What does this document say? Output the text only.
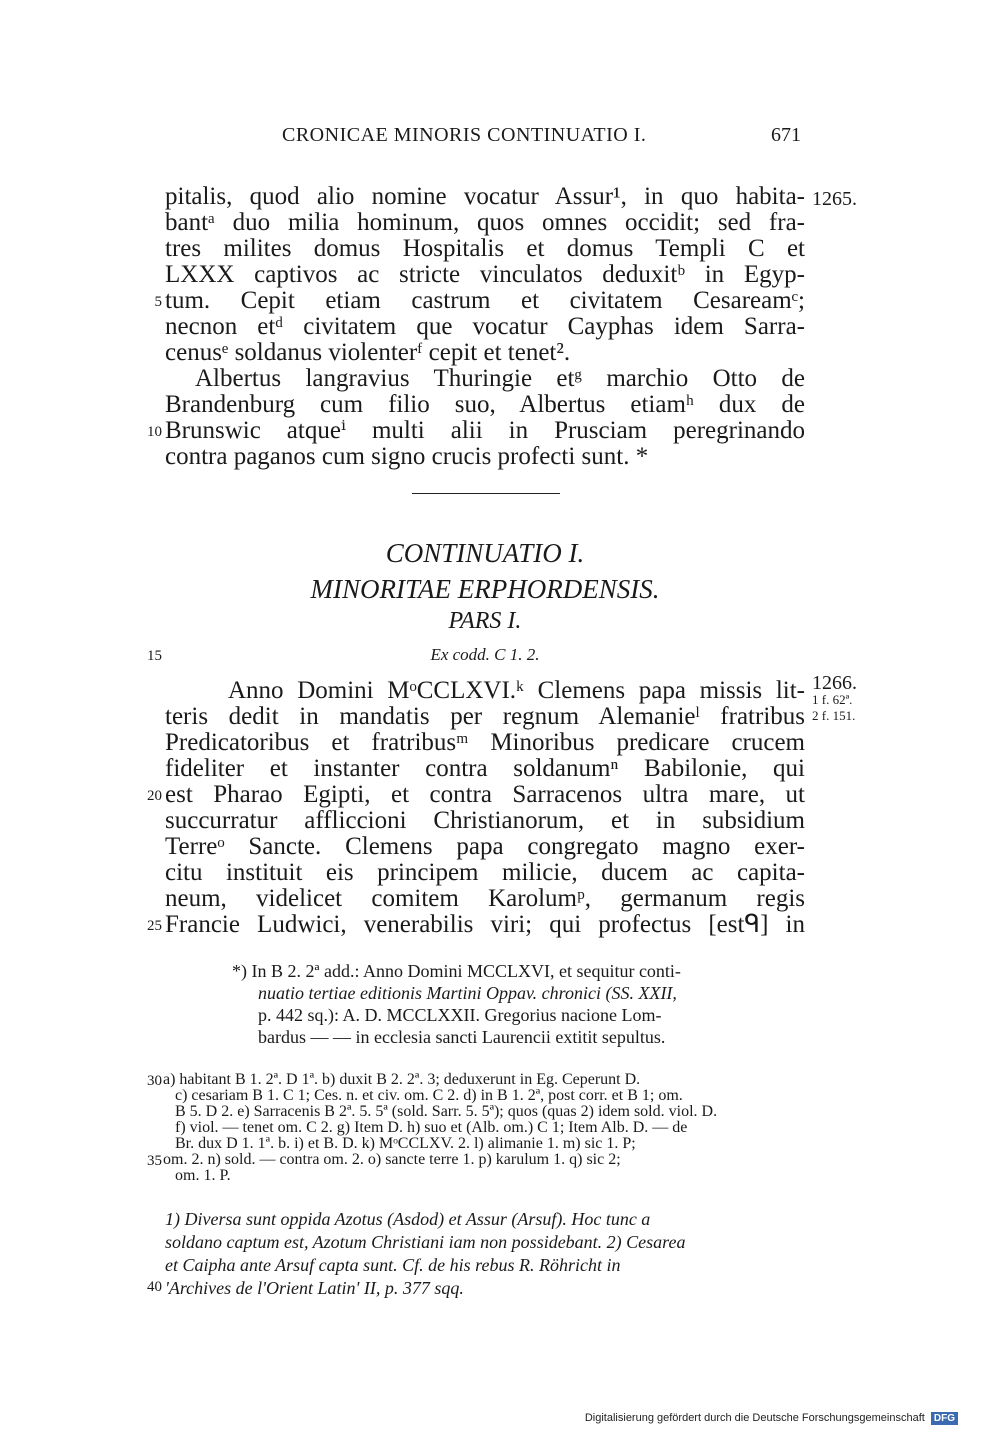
CRONICAE MINORIS CONTINUATIO I.	671
pitalis, quod alio nomine vocatur Assur¹, in quo habita-
bantᵃ duo milia hominum, quos omnes occidit; sed fra-
tres milites domus Hospitalis et domus Templi C et
LXXX captivos ac stricte vinculatos deduxitᵇ in Egyp-
tum. Cepit etiam castrum et civitatem Cesareamᶜ;
5
necnon etᵈ civitatem que vocatur Cayphas idem Sarra-
cenusᵉ soldanus violenterᶠ cepit et tenet².
Albertus langravius Thuringie etᵍ marchio Otto de
Brandenburg cum filio suo, Albertus etiamʰ dux de
Brunswic atqueⁱ multi alii in Prusciam peregrinando
10
contra paganos cum signo crucis profecti sunt. *
1265.
CONTINUATIO I.
MINORITAE ERPHORDENSIS.
PARS I.
15	Ex codd. C 1. 2.
1266.
1 f. 62ª.
2 f. 151.
Anno Domini MᵒCCLXVI.ᵏ Clemens papa missis lit-
teris dedit in mandatis per regnum Alemanieˡ fratribus
Predicatoribus et fratribusᵐ Minoribus predicare crucem
fideliter et instanter contra soldanumⁿ Babilonie, qui
est Pharao Egipti, et contra Sarracenos ultra mare, ut
20
succurratur affliccioni Christianorum, et in subsidium
Terreᵒ Sancte. Clemens papa congregato magno exer-
citu instituit eis principem milicie, ducem ac capita-
neum, videlicet comitem Karolumᵖ, germanum regis
Francie Ludwici, venerabilis viri; qui profectus [estᑫ] in
25
*) In B 2. 2ª add.: Anno Domini MCCLXVI, et sequitur conti-
nuatio tertiae editionis Martini Oppav. chronici (SS. XXII,
p. 442 sq.): A. D. MCCLXXII. Gregorius nacione Lom-
bardus — — in ecclesia sancti Laurencii extitit sepultus.
30 a) habitant B 1. 2ª. D 1ª. b) duxit B 2. 2ª. 3; deduxerunt in Eg. Ceperunt D.
c) cesariam B 1. C 1; Ces. n. et civ. om. C 2. d) in B 1. 2ª, post corr. et B 1; om.
B 5. D 2. e) Sarracenis B 2ª. 5. 5ª (sold. Sarr. 5. 5ª); quos (quas 2) idem sold. viol. D.
f) viol. — tenet om. C 2. g) Item D. h) suo et (Alb. om.) C 1; Item Alb. D. — de
Br. dux D 1. 1ª. b. i) et B. D. k) MᵒCCLXV. 2. l) alimanie 1. m) sic 1. P;
35 om. 2. n) sold. — contra om. 2. o) sancte terre 1. p) karulum 1. q) sic 2;
om. 1. P.
1) Diversa sunt oppida Azotus (Asdod) et Assur (Arsuf). Hoc tunc a
soldano captum est, Azotum Christiani iam non possidebant. 2) Cesarea
et Caipha ante Arsuf capta sunt. Cf. de his rebus R. Röhricht in
40 'Archives de l'Orient Latin' II, p. 377 sqq.
Digitalisierung gefördert durch die Deutsche Forschungsgemeinschaft DFG
